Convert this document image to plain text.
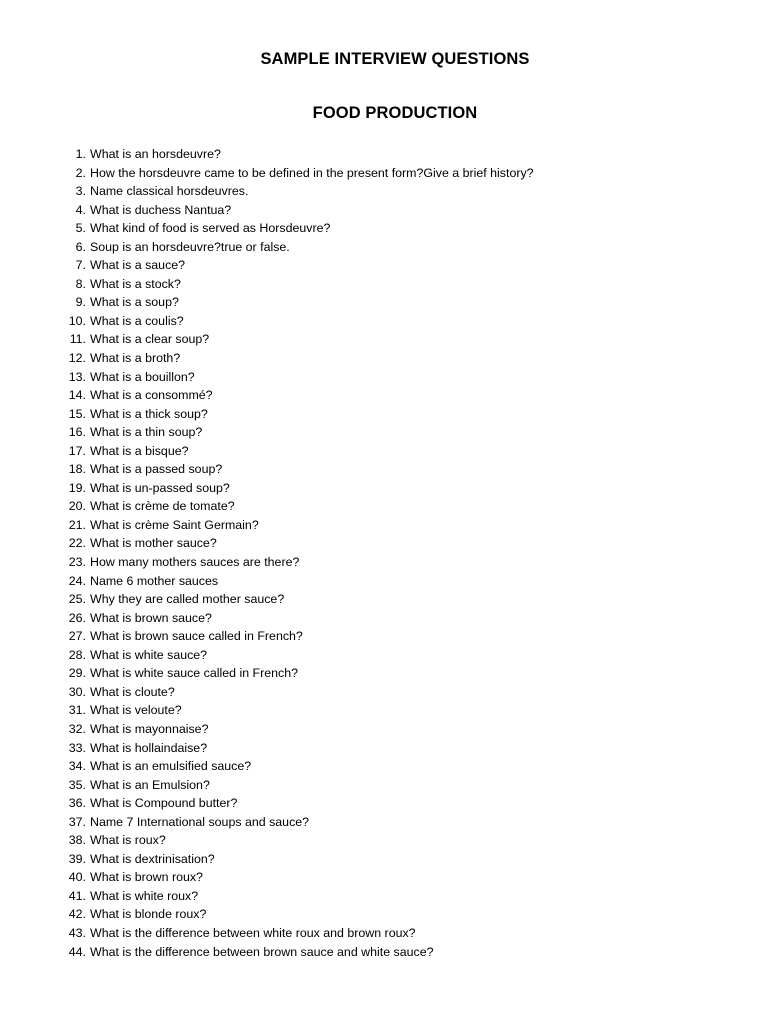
SAMPLE INTERVIEW QUESTIONS
FOOD PRODUCTION
1. What is an horsdeuvre?
2. How the horsdeuvre came to be defined in the present form?Give a brief history?
3. Name classical horsdeuvres.
4. What is duchess Nantua?
5. What kind of food is served as Horsdeuvre?
6. Soup is an horsdeuvre?true or false.
7. What is a sauce?
8. What is a stock?
9. What is a soup?
10. What is a coulis?
11. What is a clear soup?
12. What is a broth?
13. What is a bouillon?
14. What is a consommé?
15. What is a thick soup?
16. What is a thin soup?
17. What is a bisque?
18. What is a passed soup?
19. What is un-passed soup?
20. What is crème de tomate?
21. What is crème Saint Germain?
22. What is mother sauce?
23. How many mothers sauces are there?
24. Name 6 mother sauces
25. Why they are called mother sauce?
26. What is brown sauce?
27. What is brown sauce called in French?
28. What is white sauce?
29. What is white sauce called in French?
30. What is cloute?
31. What is veloute?
32. What is mayonnaise?
33. What is hollaindaise?
34. What is an emulsified sauce?
35. What is an Emulsion?
36. What is Compound butter?
37. Name 7 International soups and sauce?
38. What is roux?
39. What is dextrinisation?
40. What is brown roux?
41. What is white roux?
42. What is blonde roux?
43. What is the difference between white roux and brown roux?
44. What is the difference between brown sauce and white sauce?
